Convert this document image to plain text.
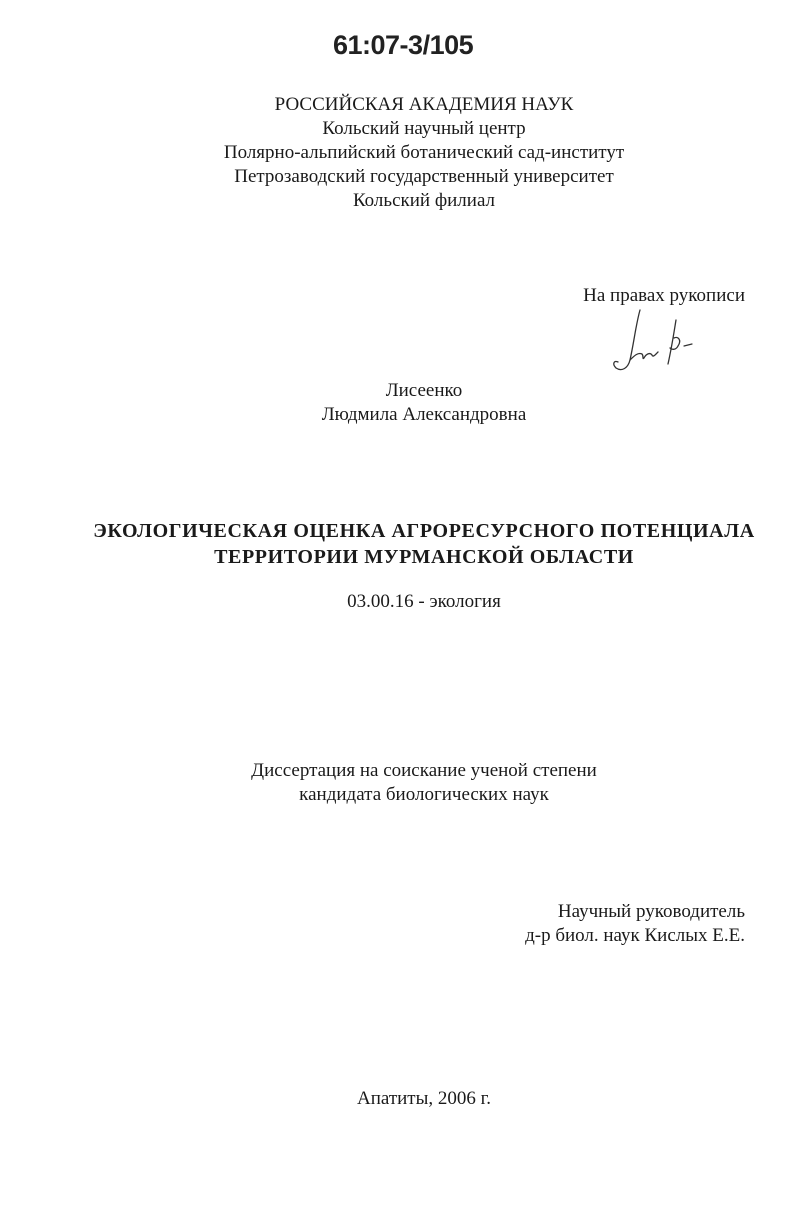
61:07-3/105
РОССИЙСКАЯ АКАДЕМИЯ НАУК
Кольский научный центр
Полярно-альпийский ботанический сад-институт
Петрозаводский государственный университет
Кольский филиал
На правах рукописи
Лисеенко
Людмила Александровна
ЭКОЛОГИЧЕСКАЯ ОЦЕНКА АГРОРЕСУРСНОГО ПОТЕНЦИАЛА
ТЕРРИТОРИИ МУРМАНСКОЙ ОБЛАСТИ
03.00.16 - экология
Диссертация на соискание ученой степени
кандидата биологических наук
Научный руководитель
д-р биол. наук Кислых Е.Е.
Апатиты, 2006 г.
